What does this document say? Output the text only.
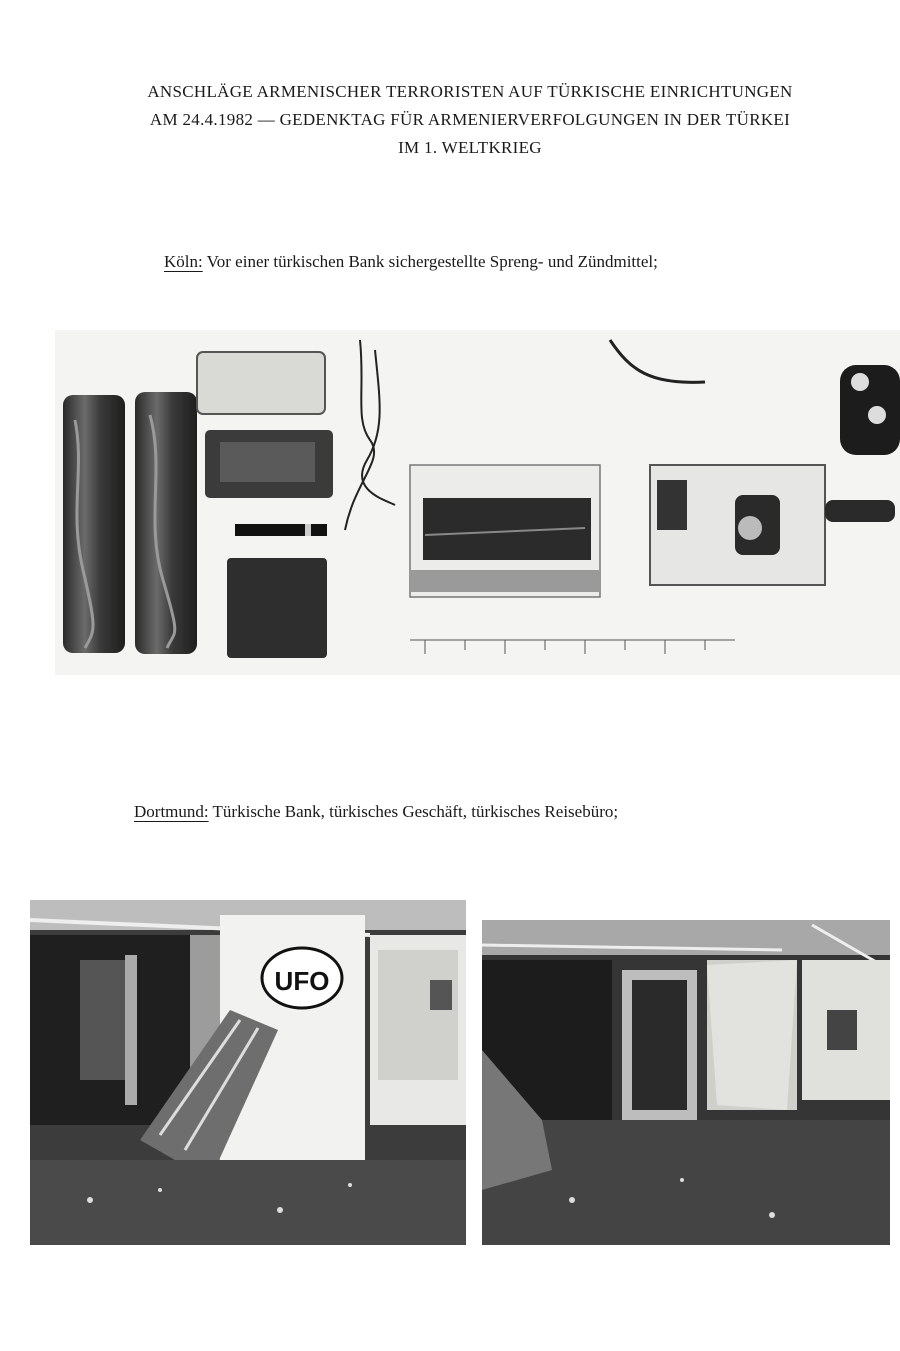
ANSCHLÄGE ARMENISCHER TERRORISTEN AUF TÜRKISCHE EINRICHTUNGEN
AM 24.4.1982 — GEDENKTAG FÜR ARMENIERVERFOLGUNGEN IN DER TÜRKEI
IM 1. WELTKRIEG
Köln: Vor einer türkischen Bank sichergestellte Spreng- und Zündmittel;
Dortmund: Türkische Bank, türkisches Geschäft, türkisches Reisebüro;
UFO
